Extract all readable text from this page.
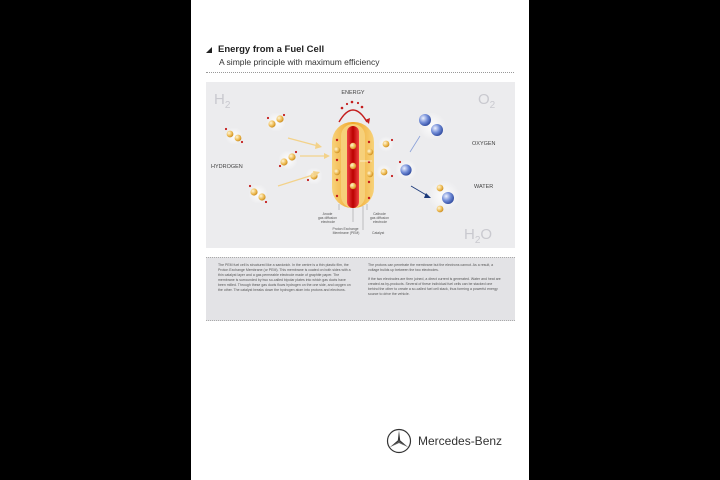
Energy from a Fuel Cell
A simple principle with maximum efficiency
$H_2$	$O_2$
$H_2O$
ENERGY
HYDROGEN
OXYGEN
WATER
Anode gas diffusion electrode
Cathode gas diffusion electrode
Proton Exchange Membrane (PEM)	Catalyst

The PEM fuel cell is structured like a sandwich. In the centre is a thin plastic film, the Proton Exchange Membrane (or PEM). This membrane is coated on both sides with a thin catalyst layer and a gas permeable electrode made of graphite paper. The membrane is surrounded by two so-called bipolar plates into which gas ducts have been milled. Through these gas ducts flows hydrogen on the one side, and oxygen on the other. The catalyst breaks down the hydrogen atom into protons and electrons.

The protons can penetrate the membrane but the electrons cannot. As a result, a voltage builds up between the two electrodes.

If the two electrodes are then joined, a direct current is generated. Water and heat are created as by-products. Several of these individual fuel cells can be stacked one behind the other to create a so-called fuel cell stack, thus forming a powerful energy source to drive the vehicle.

Mercedes-Benz
